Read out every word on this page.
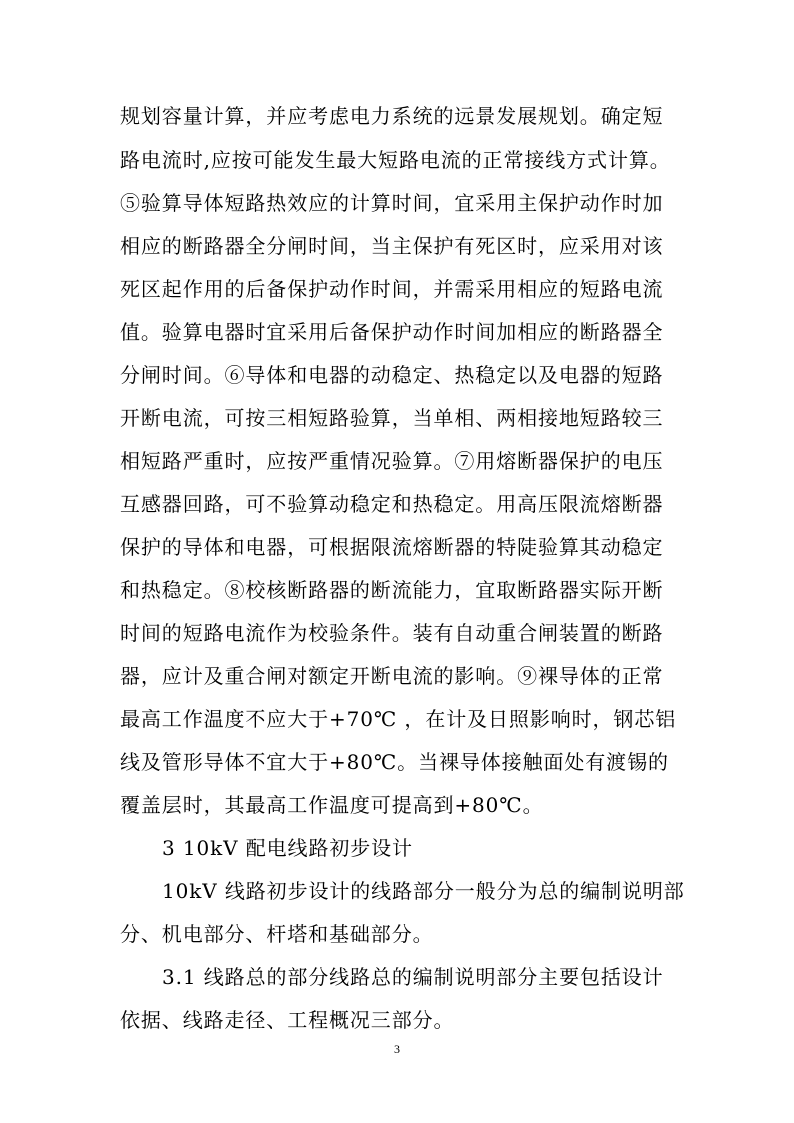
规划容量计算，并应考虑电力系统的远景发展规划。确定短
路电流时,应按可能发生最大短路电流的正常接线方式计算。
⑤验算导体短路热效应的计算时间，宜采用主保护动作时加
相应的断路器全分闸时间，当主保护有死区时，应采用对该
死区起作用的后备保护动作时间，并需采用相应的短路电流
值。验算电器时宜采用后备保护动作时间加相应的断路器全
分闸时间。⑥导体和电器的动稳定、热稳定以及电器的短路
开断电流，可按三相短路验算，当单相、两相接地短路较三
相短路严重时，应按严重情况验算。⑦用熔断器保护的电压
互感器回路，可不验算动稳定和热稳定。用高压限流熔断器
保护的导体和电器，可根据限流熔断器的特陡验算其动稳定
和热稳定。⑧校核断路器的断流能力，宜取断路器实际开断
时间的短路电流作为校验条件。装有自动重合闸装置的断路
器，应计及重合闸对额定开断电流的影响。⑨裸导体的正常
最高工作温度不应大于+70℃ ，在计及日照影响时，钢芯铝
线及管形导体不宜大于+80℃。当裸导体接触面处有渡锡的
覆盖层时，其最高工作温度可提高到+80℃。
3 10kV 配电线路初步设计
10kV 线路初步设计的线路部分一般分为总的编制说明部
分、机电部分、杆塔和基础部分。
3.1 线路总的部分线路总的编制说明部分主要包括设计
依据、线路走径、工程概况三部分。
3
